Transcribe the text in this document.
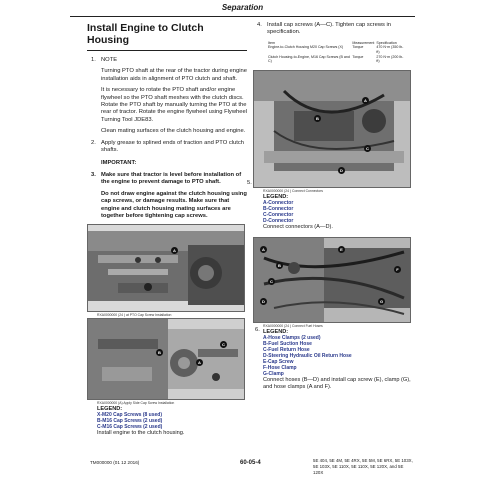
Separation
Install Engine to Clutch Housing
1. NOTE
Turning PTO shaft at the rear of the tractor during engine installation aids in alignment of PTO clutch and shaft.
It is necessary to rotate the PTO shaft and/or engine flywheel so the PTO shaft meshes with the clutch discs. Rotate the PTO shaft by manually turning the PTO at the rear of tractor. Rotate the engine flywheel using Flywheel Turning Tool JDE83.
Clean mating surfaces of the clutch housing and engine.
2. Apply grease to splined ends of traction and PTO clutch shafts.
IMPORTANT:
3. Make sure that tractor is level before installation of the engine to prevent damage to PTO shaft.
Do not draw engine against the clutch housing using cap screws, or damage results. Make sure that engine and clutch housing mating surfaces are together before tightening cap screws.
A
RXA0000000 (24 ) at PTO Cap Screw Installation
B
A
C
RXA0000000 (A) Apply Side Cap Screw Installation
LEGEND:
X-M20 Cap Screws (8 used)
B-M16 Cap Screws (2 used)
C-M16 Cap Screws (2 used)
Install engine to the clutch housing.
4. Install cap screws (A—C). Tighten cap screws in specification.
Item	Measurement	Specification
Engine-to-Clutch Housing M20 Cap Screws (X)	Torque	470 N·m (350 lb-ft)
Clutch Housing-to-Engine, M16 Cap Screws (B and C)	Torque	270 N·m (200 lb-ft)
5.
A
B
C
D
RXA0000000 (24 ) Connect Connectors
LEGEND:
A-Connector
B-Connector
C-Connector
D-Connector
Connect connectors (A—D).
A
B
C
D
E
F
G
RXA0000000 (24 ) Connect Fuel Hoses
6. LEGEND:
A-Hose Clamps (2 used)
B-Fuel Suction Hose
C-Fuel Return Hose
D-Steering Hydraulic Oil Return Hose
E-Cap Screw
F-Hose Clamp
G-Clamp
Connect hoses (B—D) and install cap screw (E), clamp (G), and hose clamps (A and F).
TM000000 (01 12 2016)	60-05-4	5E 404, 5E 4M, 5E 4RX, 5E 5M, 5E 6RX, 5E 103X,
5E 103X, 5E 110X, 5E 110X, 5E 120X, and 5E 120X
